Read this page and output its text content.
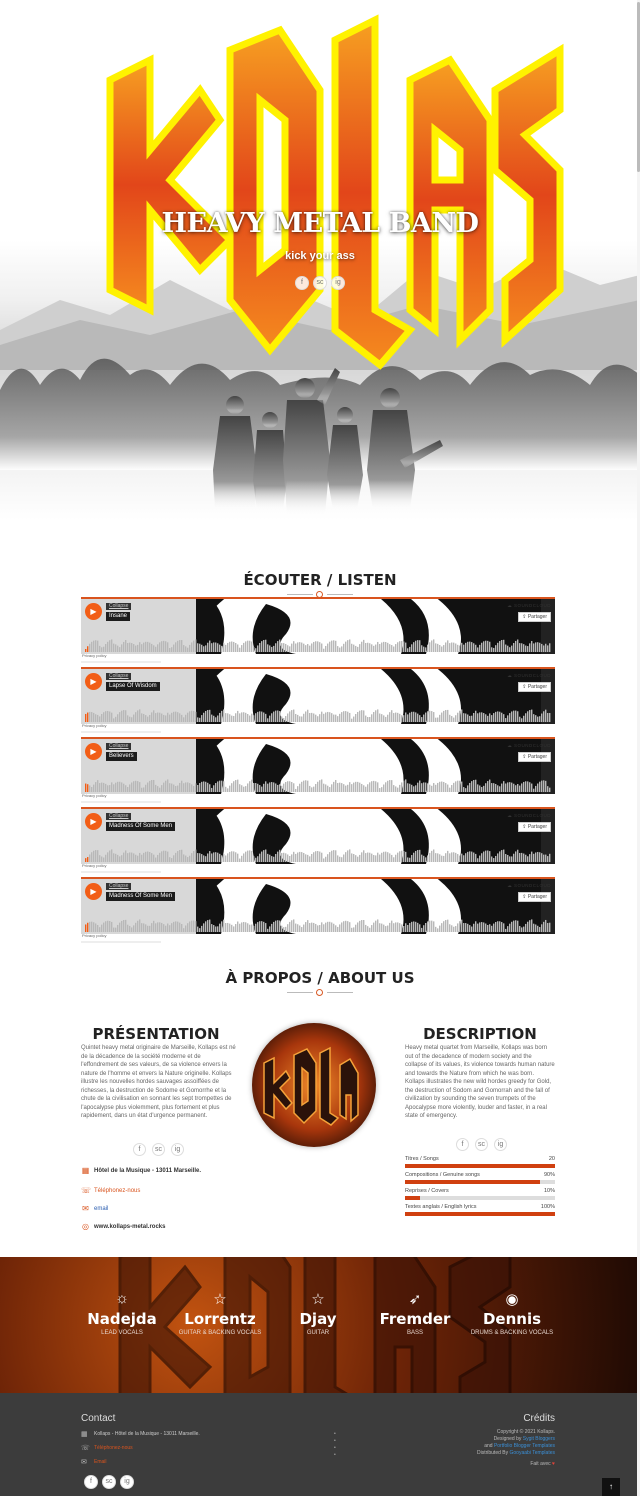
HEAVY METAL BAND
kick your ass
f	sc	ig
ÉCOUTER / LISTEN
▶
Collapse
Insane
☁ SOUNDCLOUD
⇪ Partager
Privacy policy
▶
Collapse
Lapse Of Wisdom
☁ SOUNDCLOUD
⇪ Partager
Privacy policy
▶
Collapse
Believers
☁ SOUNDCLOUD
⇪ Partager
Privacy policy
▶
Collapse
Madness Of Some Men
☁ SOUNDCLOUD
⇪ Partager
Privacy policy
▶
Collapse
Madness Of Some Men
☁ SOUNDCLOUD
⇪ Partager
Privacy policy
À PROPOS / ABOUT US
PRÉSENTATION
Quintet heavy metal originaire de Marseille, Kollaps est né de la décadence de la société moderne et de l'effondrement de ses valeurs, de sa violence envers la nature de l'homme et envers la Nature originelle. Kollaps illustre les nouvelles hordes sauvages assoiffées de richesses, la destruction de Sodome et Gomorrhe et la chute de la civilisation en sonnant les sept trompettes de l'apocalypse plus violemment, plus fortement et plus rapidement, dans un état d'urgence permanent.
f	sc	ig
▦ Hôtel de la Musique - 13011 Marseille.
☏ Téléphonez-nous
✉ email
◎ www.kollaps-metal.rocks
DESCRIPTION
Heavy metal quartet from Marseille, Kollaps was born out of the decadence of modern society and the collapse of its values, its violence towards human nature and towards the Nature from which he was born. Kollaps illustrates the new wild hordes greedy for Gold, the destruction of Sodom and Gomorrah and the fall of civilization by sounding the seven trumpets of the Apocalypse more violently, louder and faster, in a real state of emergency.
f	sc	ig
Titres / Songs	20
Compositions / Genuine songs	90%
Reprises / Covers	10%
Textes anglais / English lyrics	100%
☼
Nadejda
LEAD VOCALS
☆
Lorrentz
GUITAR & BACKING VOCALS
☆
Djay
GUITAR
➶
Fremder
BASS
◉
Dennis
DRUMS & BACKING VOCALS
Contact
▦	Kollaps - Hôtel de la Musique - 13011 Marseille.
☏ Téléphonez-nous
✉	Email
f	sc	ig
•
•
•
•
Crédits
Copyright © 2021 Kollaps.
Designed by Sygit Bloggers
and Portfolio Blogger Templates
Distributed By Gooyaabi Templates
Fait avec ♥
↑
